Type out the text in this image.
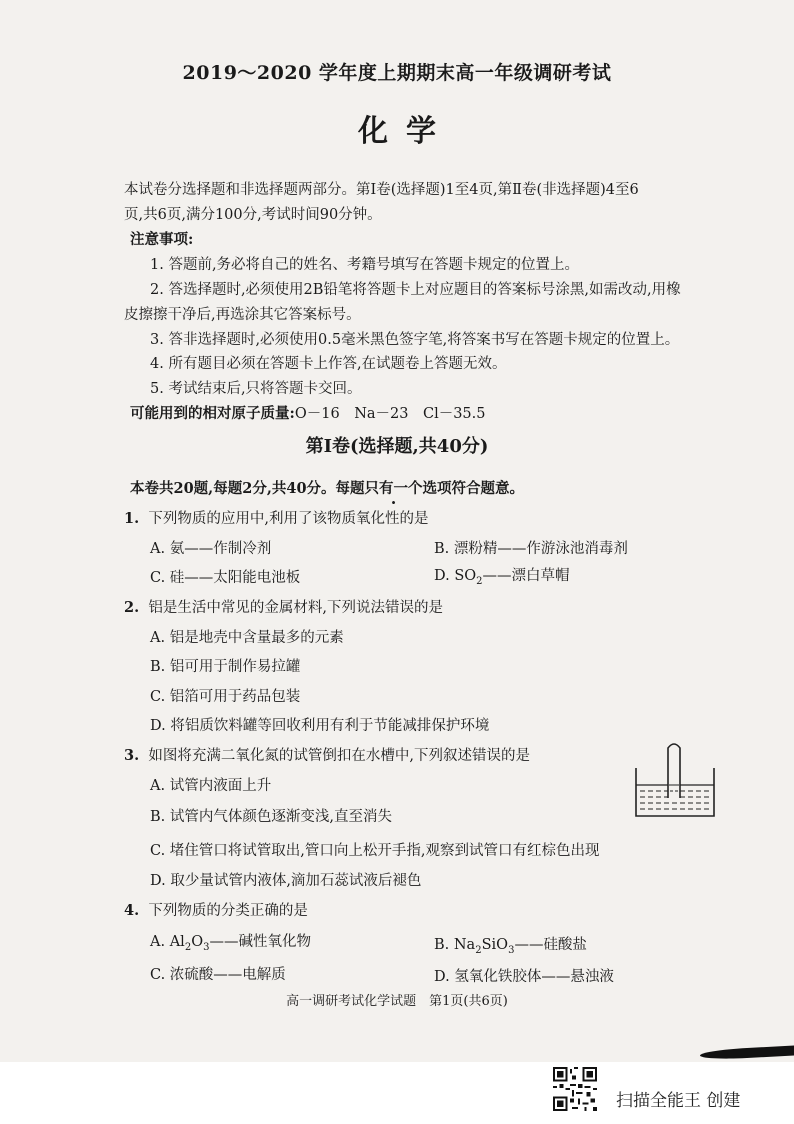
2019～2020 学年度上期期末高一年级调研考试
化学
本试卷分选择题和非选择题两部分。第Ⅰ卷(选择题)1至4页,第Ⅱ卷(非选择题)4至6
页,共6页,满分100分,考试时间90分钟。
注意事项:
1. 答题前,务必将自己的姓名、考籍号填写在答题卡规定的位置上。
2. 答选择题时,必须使用2B铅笔将答题卡上对应题目的答案标号涂黑,如需改动,用橡
皮擦擦干净后,再选涂其它答案标号。
3. 答非选择题时,必须使用0.5毫米黑色签字笔,将答案书写在答题卡规定的位置上。
4. 所有题目必须在答题卡上作答,在试题卷上答题无效。
5. 考试结束后,只将答题卡交回。
可能用到的相对原子质量:O－16　Na－23　Cl－35.5
第Ⅰ卷(选择题,共40分)
本卷共20题,每题2分,共40分。每题只有一个选项符合题意。
1. 下列物质的应用中,利用了该物质氧化性的是
A. 氨——作制冷剂	B. 漂粉精——作游泳池消毒剂
C. 硅——太阳能电池板	D. $SO_2——$漂白草帽
2. 铝是生活中常见的金属材料,下列说法错误的是
A. 铝是地壳中含量最多的元素
B. 铝可用于制作易拉罐
C. 铝箔可用于药品包装
D. 将铝质饮料罐等回收利用有利于节能减排保护环境
3. 如图将充满二氧化氮的试管倒扣在水槽中,下列叙述错误的是
A. 试管内液面上升
B. 试管内气体颜色逐渐变浅,直至消失
C. 堵住管口将试管取出,管口向上松开手指,观察到试管口有红棕色出现
D. 取少量试管内液体,滴加石蕊试液后褪色
4. 下列物质的分类正确的是
A. $Al_2O_3——$碱性氧化物	B. $Na_2SiO_3——$硅酸盐
C. 浓硫酸——电解质	D. 氢氧化铁胶体——悬浊液
高一调研考试化学试题　第1页(共6页)
扫描全能王 创建
